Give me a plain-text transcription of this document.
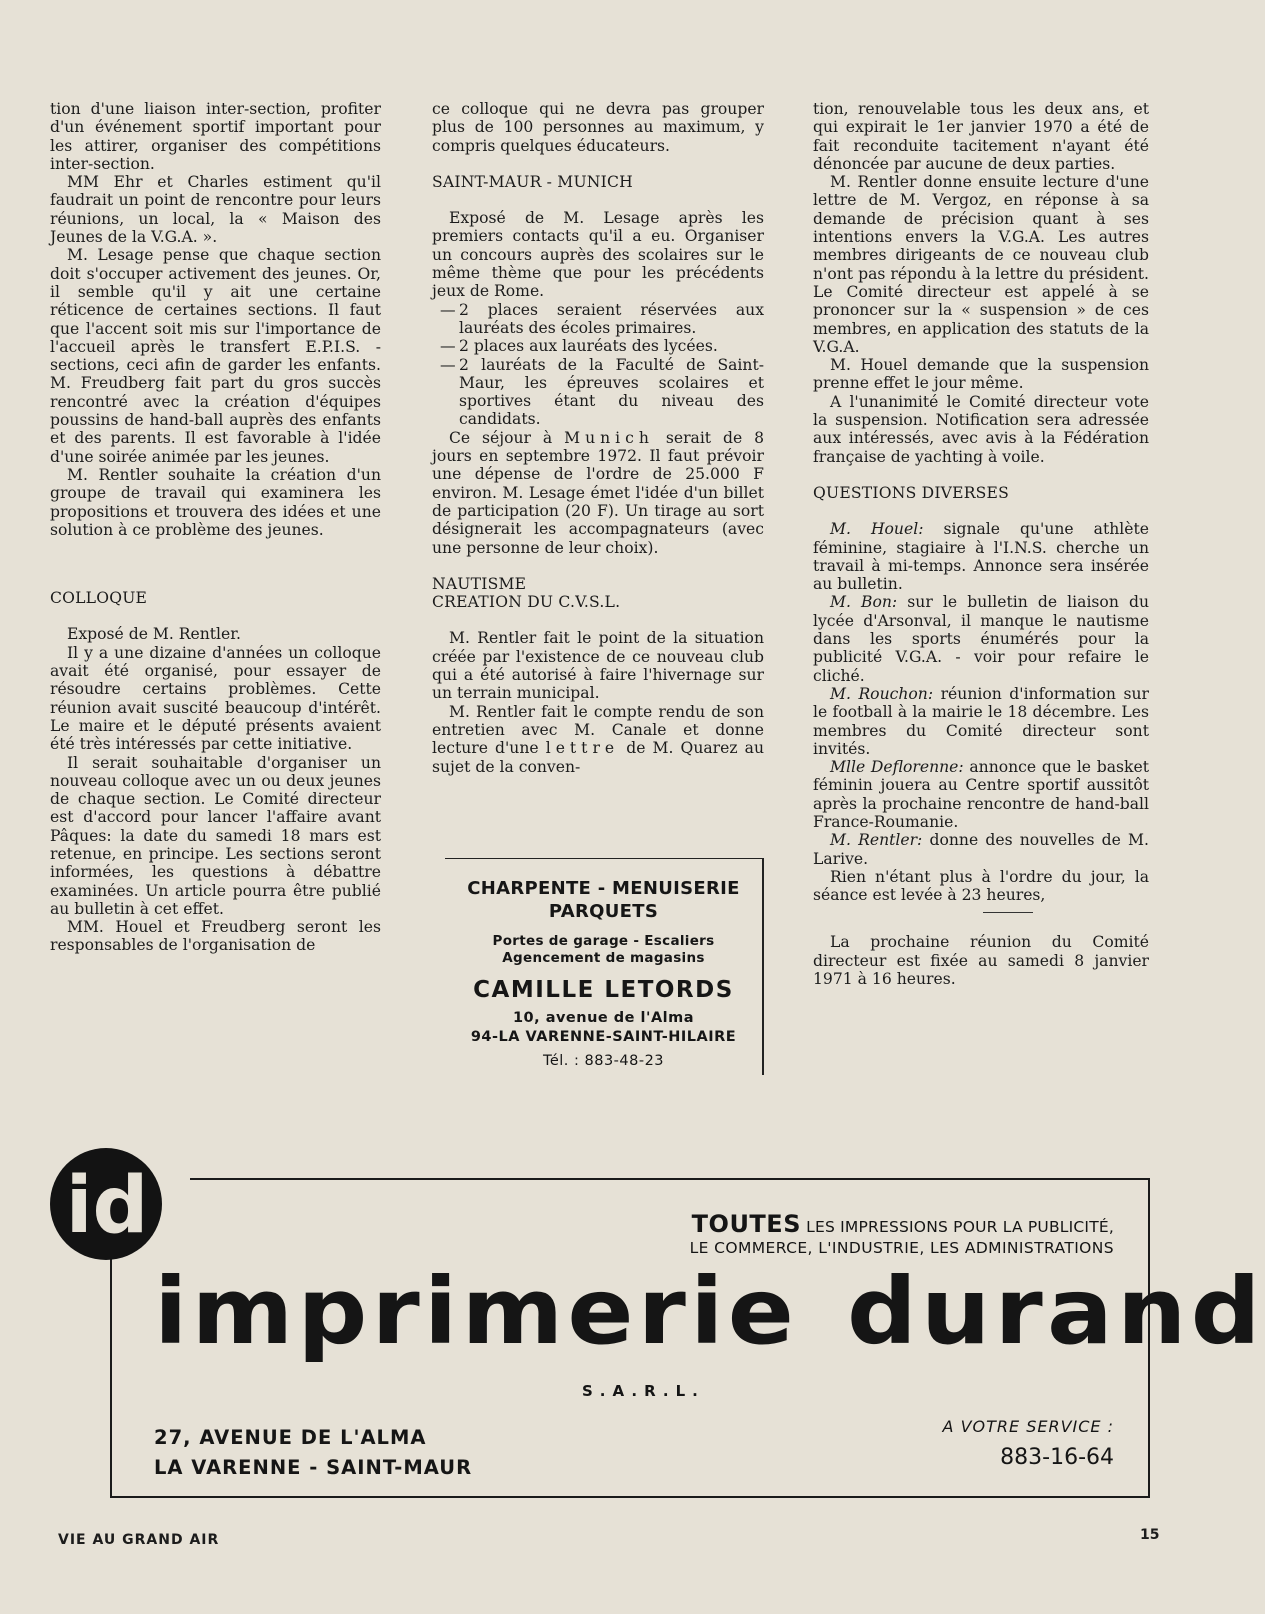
tion d'une liaison inter-section, profiter d'un événement sportif important pour les attirer, organiser des compétitions inter-section.

MM Ehr et Charles estiment qu'il faudrait un point de rencontre pour leurs réunions, un local, la « Maison des Jeunes de la V.G.A. ».

M. Lesage pense que chaque section doit s'occuper activement des jeunes. Or, il semble qu'il y ait une certaine réticence de certaines sections. Il faut que l'accent soit mis sur l'importance de l'accueil après le transfert E.P.I.S. - sections, ceci afin de garder les enfants. M. Freudberg fait part du gros succès rencontré avec la création d'équipes poussins de hand-ball auprès des enfants et des parents. Il est favorable à l'idée d'une soirée animée par les jeunes.

M. Rentler souhaite la création d'un groupe de travail qui examinera les propositions et trouvera des idées et une solution à ce problème des jeunes.

COLLOQUE

Exposé de M. Rentler.

Il y a une dizaine d'années un colloque avait été organisé, pour essayer de résoudre certains problèmes. Cette réunion avait suscité beaucoup d'intérêt. Le maire et le député présents avaient été très intéressés par cette initiative.

Il serait souhaitable d'organiser un nouveau colloque avec un ou deux jeunes de chaque section. Le Comité directeur est d'accord pour lancer l'affaire avant Pâques: la date du samedi 18 mars est retenue, en principe. Les sections seront informées, les questions à débattre examinées. Un article pourra être publié au bulletin à cet effet.

MM. Houel et Freudberg seront les responsables de l'organisation de

ce colloque qui ne devra pas grouper plus de 100 personnes au maximum, y compris quelques éducateurs.

SAINT-MAUR - MUNICH

Exposé de M. Lesage après les premiers contacts qu'il a eu. Organiser un concours auprès des scolaires sur le même thème que pour les précédents jeux de Rome.

— 2 places seraient réservées aux lauréats des écoles primaires.

— 2 places aux lauréats des lycées.

— 2 lauréats de la Faculté de Saint-Maur, les épreuves scolaires et sportives étant du niveau des candidats.

Ce séjour à Munich serait de 8 jours en septembre 1972. Il faut prévoir une dépense de l'ordre de 25.000 F environ. M. Lesage émet l'idée d'un billet de participation (20 F). Un tirage au sort désignerait les accompagnateurs (avec une personne de leur choix).

NAUTISME
CREATION DU C.V.S.L.

M. Rentler fait le point de la situation créée par l'existence de ce nouveau club qui a été autorisé à faire l'hivernage sur un terrain municipal.

M. Rentler fait le compte rendu de son entretien avec M. Canale et donne lecture d'une lettre de M. Quarez au sujet de la conven-

tion, renouvelable tous les deux ans, et qui expirait le 1er janvier 1970 a été de fait reconduite tacitement n'ayant été dénoncée par aucune de deux parties.

M. Rentler donne ensuite lecture d'une lettre de M. Vergoz, en réponse à sa demande de précision quant à ses intentions envers la V.G.A. Les autres membres dirigeants de ce nouveau club n'ont pas répondu à la lettre du président. Le Comité directeur est appelé à se prononcer sur la « suspension » de ces membres, en application des statuts de la V.G.A.

M. Houel demande que la suspension prenne effet le jour même.

A l'unanimité le Comité directeur vote la suspension. Notification sera adressée aux intéressés, avec avis à la Fédération française de yachting à voile.

QUESTIONS DIVERSES

M. Houel: signale qu'une athlète féminine, stagiaire à l'I.N.S. cherche un travail à mi-temps. Annonce sera insérée au bulletin.

M. Bon: sur le bulletin de liaison du lycée d'Arsonval, il manque le nautisme dans les sports énumérés pour la publicité V.G.A. - voir pour refaire le cliché.

M. Rouchon: réunion d'information sur le football à la mairie le 18 décembre. Les membres du Comité directeur sont invités.

Mlle Deflorenne: annonce que le basket féminin jouera au Centre sportif aussitôt après la prochaine rencontre de hand-ball France-Roumanie.

M. Rentler: donne des nouvelles de M. Larive.

Rien n'étant plus à l'ordre du jour, la séance est levée à 23 heures,

La prochaine réunion du Comité directeur est fixée au samedi 8 janvier 1971 à 16 heures.

CHARPENTE - MENUISERIE
PARQUETS
Portes de garage - Escaliers
Agencement de magasins
CAMILLE LETORDS
10, avenue de l'Alma
94-LA VARENNE-SAINT-HILAIRE
Tél. : 883-48-23
TOUTES LES IMPRESSIONS POUR LA PUBLICITÉ,
LE COMMERCE, L'INDUSTRIE, LES ADMINISTRATIONS
imprimerie durand
S.A.R.L.
27, AVENUE DE L'ALMA
LA VARENNE - SAINT-MAUR
A VOTRE SERVICE :
883-16-64
id
VIE AU GRAND AIR	15
